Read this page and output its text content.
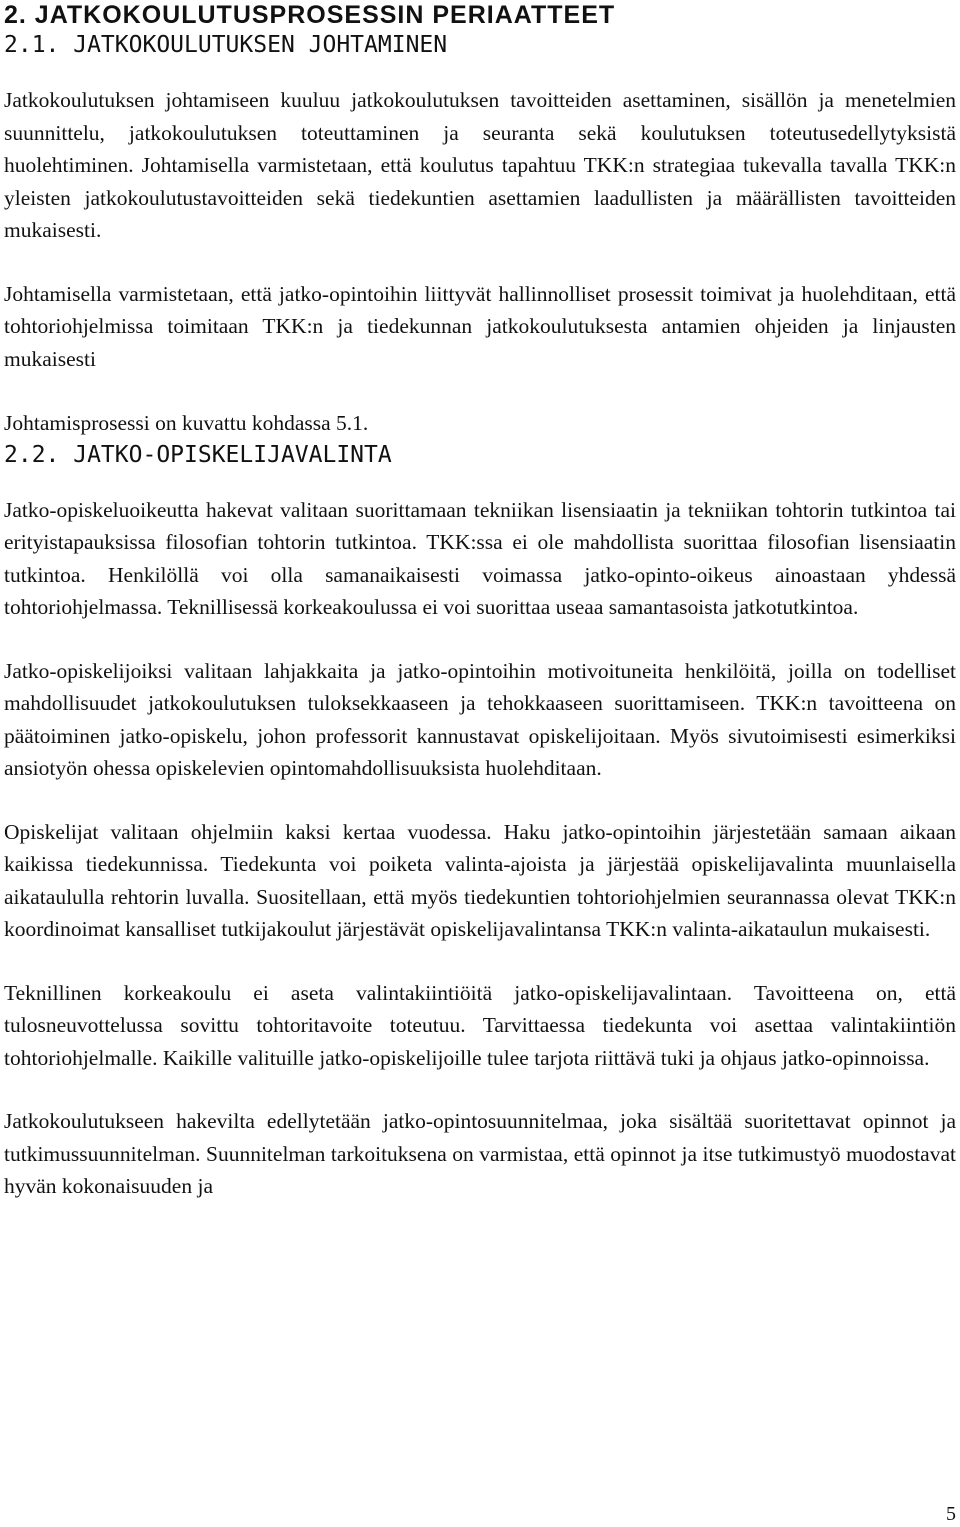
2. JATKOKOULUTUSPROSESSIN PERIAATTEET
2.1. JATKOKOULUTUKSEN JOHTAMINEN

Jatkokoulutuksen johtamiseen kuuluu jatkokoulutuksen tavoitteiden asettaminen, sisällön ja menetelmien suunnittelu, jatkokoulutuksen toteuttaminen ja seuranta sekä koulutuksen toteutusedellytyksistä huolehtiminen. Johtamisella varmistetaan, että koulutus tapahtuu TKK:n strategiaa tukevalla tavalla TKK:n yleisten jatkokoulutustavoitteiden sekä tiedekuntien asettamien laadullisten ja määrällisten tavoitteiden mukaisesti.

Johtamisella varmistetaan, että jatko-opintoihin liittyvät hallinnolliset prosessit toimivat ja huolehditaan, että tohtoriohjelmissa toimitaan TKK:n ja tiedekunnan jatkokoulutuksesta antamien ohjeiden ja linjausten mukaisesti

Johtamisprosessi on kuvattu kohdassa 5.1.

2.2. JATKO-OPISKELIJAVALINTA

Jatko-opiskeluoikeutta hakevat valitaan suorittamaan tekniikan lisensiaatin ja tekniikan tohtorin tutkintoa tai erityistapauksissa filosofian tohtorin tutkintoa. TKK:ssa ei ole mahdollista suorittaa filosofian lisensiaatin tutkintoa. Henkilöllä voi olla samanaikaisesti voimassa jatko-opinto-oikeus ainoastaan yhdessä tohtoriohjelmassa. Teknillisessä korkeakoulussa ei voi suorittaa useaa samantasoista jatkotutkintoa.

Jatko-opiskelijoiksi valitaan lahjakkaita ja jatko-opintoihin motivoituneita henkilöitä, joilla on todelliset mahdollisuudet jatkokoulutuksen tuloksekkaaseen ja tehokkaaseen suorittamiseen. TKK:n tavoitteena on päätoiminen jatko-opiskelu, johon professorit kannustavat opiskelijoitaan. Myös sivutoimisesti esimerkiksi ansiotyön ohessa opiskelevien opintomahdollisuuksista huolehditaan.

Opiskelijat valitaan ohjelmiin kaksi kertaa vuodessa. Haku jatko-opintoihin järjestetään samaan aikaan kaikissa tiedekunnissa. Tiedekunta voi poiketa valinta-ajoista ja järjestää opiskelijavalinta muunlaisella aikataululla rehtorin luvalla. Suositellaan, että myös tiedekuntien tohtoriohjelmien seurannassa olevat TKK:n koordinoimat kansalliset tutkijakoulut järjestävät opiskelijavalintansa TKK:n valinta-aikataulun mukaisesti.

Teknillinen korkeakoulu ei aseta valintakiintiöitä jatko-opiskelijavalintaan. Tavoitteena on, että tulosneuvottelussa sovittu tohtoritavoite toteutuu. Tarvittaessa tiedekunta voi asettaa valintakiintiön tohtoriohjelmalle. Kaikille valituille jatko-opiskelijoille tulee tarjota riittävä tuki ja ohjaus jatko-opinnoissa.

Jatkokoulutukseen hakevilta edellytetään jatko-opintosuunnitelmaa, joka sisältää suoritettavat opinnot ja tutkimussuunnitelman. Suunnitelman tarkoituksena on varmistaa, että opinnot ja itse tutkimustyö muodostavat hyvän kokonaisuuden ja

5
